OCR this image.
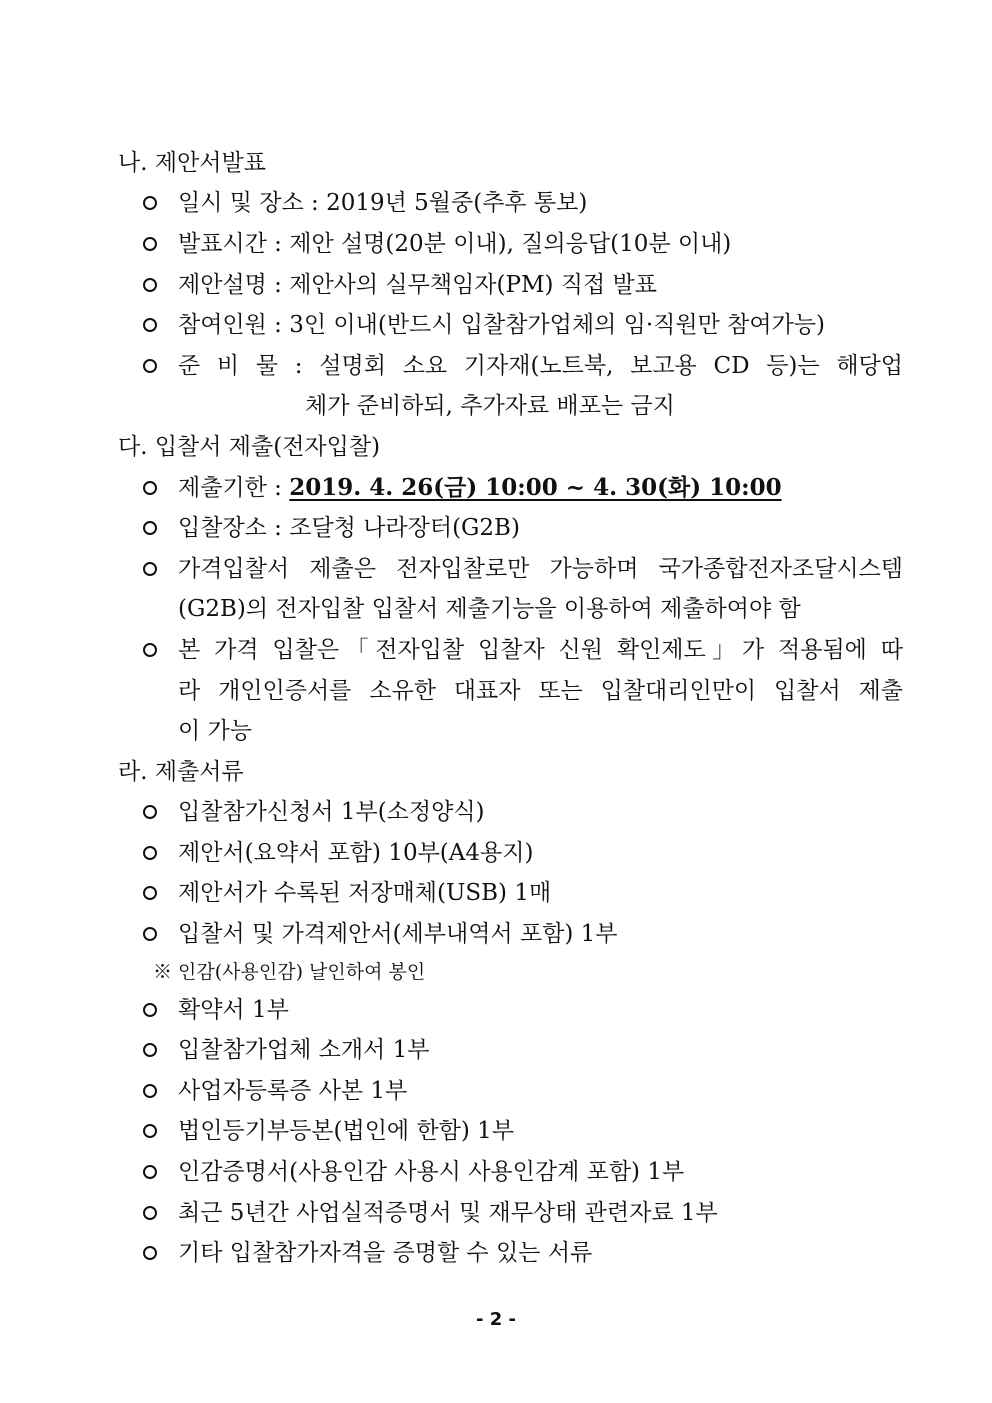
나. 제안서발표
일시 및 장소 : 2019년 5월중(추후 통보)
발표시간 : 제안 설명(20분 이내), 질의응답(10분 이내)
제안설명 : 제안사의 실무책임자(PM) 직접 발표
참여인원 : 3인 이내(반드시 입찰참가업체의 임·직원만 참여가능)
준 비 물 : 설명회 소요 기자재(노트북, 보고용 CD 등)는 해당업
체가 준비하되, 추가자료 배포는 금지
다. 입찰서 제출(전자입찰)
제출기한 : 2019. 4. 26(금) 10:00 ~ 4. 30(화) 10:00
입찰장소 : 조달청 나라장터(G2B)
가격입찰서 제출은 전자입찰로만 가능하며 국가종합전자조달시스템
(G2B)의 전자입찰 입찰서 제출기능을 이용하여 제출하여야 함
본 가격 입찰은「전자입찰 입찰자 신원 확인제도」가 적용됨에 따
라 개인인증서를 소유한 대표자 또는 입찰대리인만이 입찰서 제출
이 가능
라. 제출서류
입찰참가신청서 1부(소정양식)
제안서(요약서 포함) 10부(A4용지)
제안서가 수록된 저장매체(USB) 1매
입찰서 및 가격제안서(세부내역서 포함) 1부
※ 인감(사용인감) 날인하여 봉인
확약서 1부
입찰참가업체 소개서 1부
사업자등록증 사본 1부
법인등기부등본(법인에 한함) 1부
인감증명서(사용인감 사용시 사용인감계 포함) 1부
최근 5년간 사업실적증명서 및 재무상태 관련자료 1부
기타 입찰참가자격을 증명할 수 있는 서류
- 2 -
